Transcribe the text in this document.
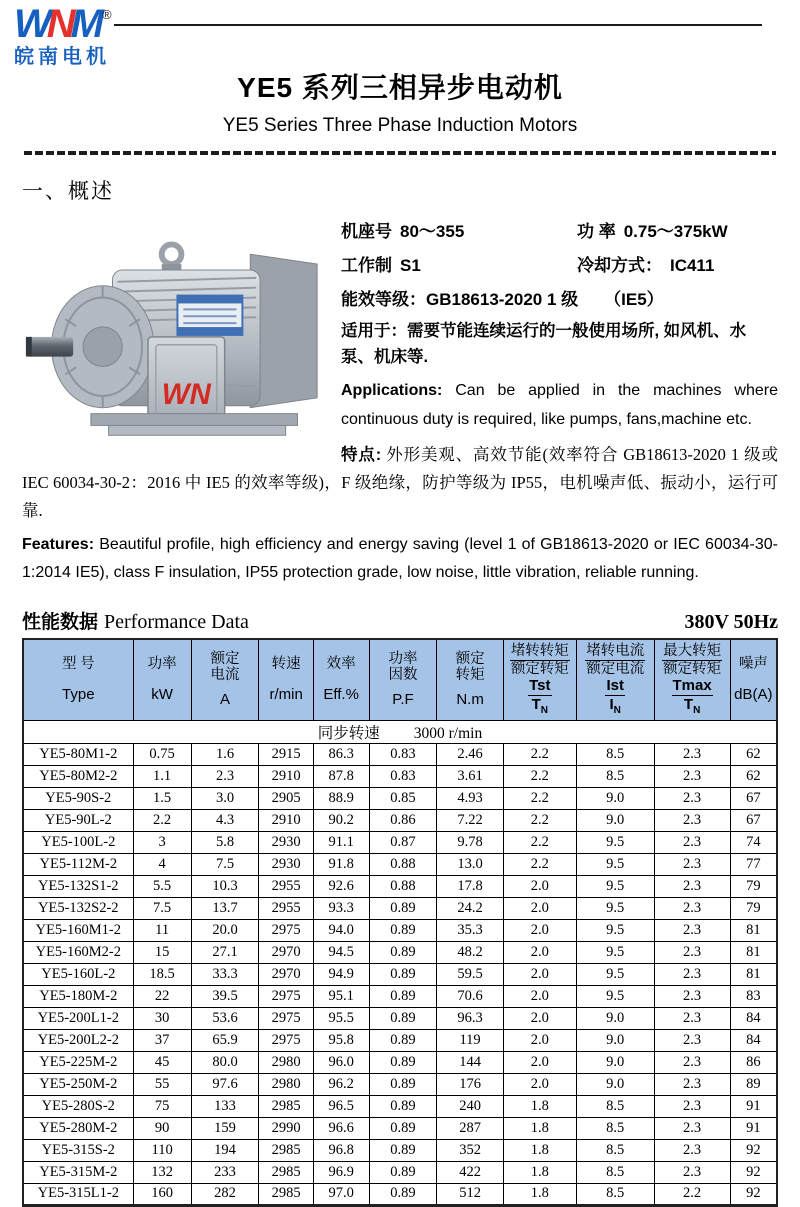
WNM ®
皖南电机
YE5 系列三相异步电动机
YE5 Series Three Phase Induction Motors
一、概述
WN
机座号 80～355	功 率 0.75～375kW
工作制 S1	冷却方式： IC411
能效等级：GB18613-2020 1 级 （IE5）

适用于：需要节能连续运行的一般使用场所, 如风机、水泵、机床等.

Applications: Can be applied in the machines where continuous duty is required, like pumps, fans,machine etc.

特点: 外形美观、高效节能(效率符合 GB18613-2020 1 级或 IEC 60034-30-2：2016 中 IE5 的效率等级)，F 级绝缘，防护等级为 IP55，电机噪声低、振动小，运行可靠.

Features: Beautiful profile, high efficiency and energy saving (level 1 of GB18613-2020 or IEC 60034-30-1:2014 IE5), class F insulation, IP55 protection grade, low noise, little vibration, reliable running.

性能数据 Performance Data	380V 50Hz
型 号
Type

功率
kW

额定
电流
A

转速
r/min

效率
Eff.%

功率
因数
P.F

额定
转矩
N.m

堵转转矩
额定转矩
Tst
$T_N$

堵转电流
额定电流
Ist
$I_N$

最大转矩
额定转矩
Tmax
$T_N$

噪声
dB(A)

同步转速 3000 r/min										
YE5-80M1-2	0.75	1.6	2915	86.3	0.83	2.46	2.2	8.5	2.3	62
YE5-80M2-2	1.1	2.3	2910	87.8	0.83	3.61	2.2	8.5	2.3	62
YE5-90S-2	1.5	3.0	2905	88.9	0.85	4.93	2.2	9.0	2.3	67
YE5-90L-2	2.2	4.3	2910	90.2	0.86	7.22	2.2	9.0	2.3	67
YE5-100L-2	3	5.8	2930	91.1	0.87	9.78	2.2	9.5	2.3	74
YE5-112M-2	4	7.5	2930	91.8	0.88	13.0	2.2	9.5	2.3	77
YE5-132S1-2	5.5	10.3	2955	92.6	0.88	17.8	2.0	9.5	2.3	79
YE5-132S2-2	7.5	13.7	2955	93.3	0.89	24.2	2.0	9.5	2.3	79
YE5-160M1-2	11	20.0	2975	94.0	0.89	35.3	2.0	9.5	2.3	81
YE5-160M2-2	15	27.1	2970	94.5	0.89	48.2	2.0	9.5	2.3	81
YE5-160L-2	18.5	33.3	2970	94.9	0.89	59.5	2.0	9.5	2.3	81
YE5-180M-2	22	39.5	2975	95.1	0.89	70.6	2.0	9.5	2.3	83
YE5-200L1-2	30	53.6	2975	95.5	0.89	96.3	2.0	9.0	2.3	84
YE5-200L2-2	37	65.9	2975	95.8	0.89	119	2.0	9.0	2.3	84
YE5-225M-2	45	80.0	2980	96.0	0.89	144	2.0	9.0	2.3	86
YE5-250M-2	55	97.6	2980	96.2	0.89	176	2.0	9.0	2.3	89
YE5-280S-2	75	133	2985	96.5	0.89	240	1.8	8.5	2.3	91
YE5-280M-2	90	159	2990	96.6	0.89	287	1.8	8.5	2.3	91
YE5-315S-2	110	194	2985	96.8	0.89	352	1.8	8.5	2.3	92
YE5-315M-2	132	233	2985	96.9	0.89	422	1.8	8.5	2.3	92
YE5-315L1-2	160	282	2985	97.0	0.89	512	1.8	8.5	2.2	92
